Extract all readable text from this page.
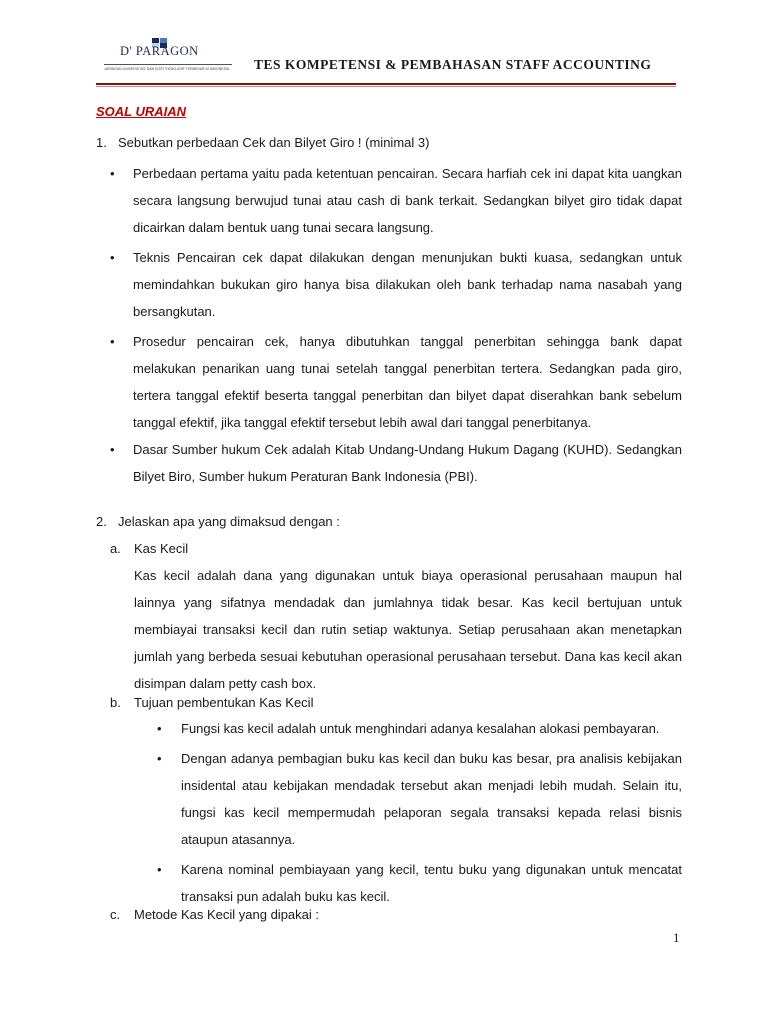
D' PARAGON
JARINGAN UNIVERSITAS DAN KOST EKSKLUSIF TERBESAR DI INDONESIA TES KOMPETENSI & PEMBAHASAN STAFF ACCOUNTING
SOAL URAIAN
1. Sebutkan perbedaan Cek dan Bilyet Giro ! (minimal 3)
• Perbedaan pertama yaitu pada ketentuan pencairan. Secara harfiah cek ini dapat kita uangkan secara langsung berwujud tunai atau cash di bank terkait. Sedangkan bilyet giro tidak dapat dicairkan dalam bentuk uang tunai secara langsung.
• Teknis Pencairan cek dapat dilakukan dengan menunjukan bukti kuasa, sedangkan untuk memindahkan bukukan giro hanya bisa dilakukan oleh bank terhadap nama nasabah yang bersangkutan.
• Prosedur pencairan cek, hanya dibutuhkan tanggal penerbitan sehingga bank dapat melakukan penarikan uang tunai setelah tanggal penerbitan tertera. Sedangkan pada giro, tertera tanggal efektif beserta tanggal penerbitan dan bilyet dapat diserahkan bank sebelum tanggal efektif, jika tanggal efektif tersebut lebih awal dari tanggal penerbitanya.
• Dasar Sumber hukum Cek adalah Kitab Undang-Undang Hukum Dagang (KUHD). Sedangkan Bilyet Biro, Sumber hukum Peraturan Bank Indonesia (PBI).
2. Jelaskan apa yang dimaksud dengan :
a. Kas Kecil

Kas kecil adalah dana yang digunakan untuk biaya operasional perusahaan maupun hal lainnya yang sifatnya mendadak dan jumlahnya tidak besar. Kas kecil bertujuan untuk membiayai transaksi kecil dan rutin setiap waktunya. Setiap perusahaan akan menetapkan jumlah yang berbeda sesuai kebutuhan operasional perusahaan tersebut. Dana kas kecil akan disimpan dalam petty cash box.

b. Tujuan pembentukan Kas Kecil
• Fungsi kas kecil adalah untuk menghindari adanya kesalahan alokasi pembayaran.
• Dengan adanya pembagian buku kas kecil dan buku kas besar, pra analisis kebijakan insidental atau kebijakan mendadak tersebut akan menjadi lebih mudah. Selain itu, fungsi kas kecil mempermudah pelaporan segala transaksi kepada relasi bisnis ataupun atasannya.
• Karena nominal pembiayaan yang kecil, tentu buku yang digunakan untuk mencatat transaksi pun adalah buku kas kecil.
c. Metode Kas Kecil yang dipakai :
1
